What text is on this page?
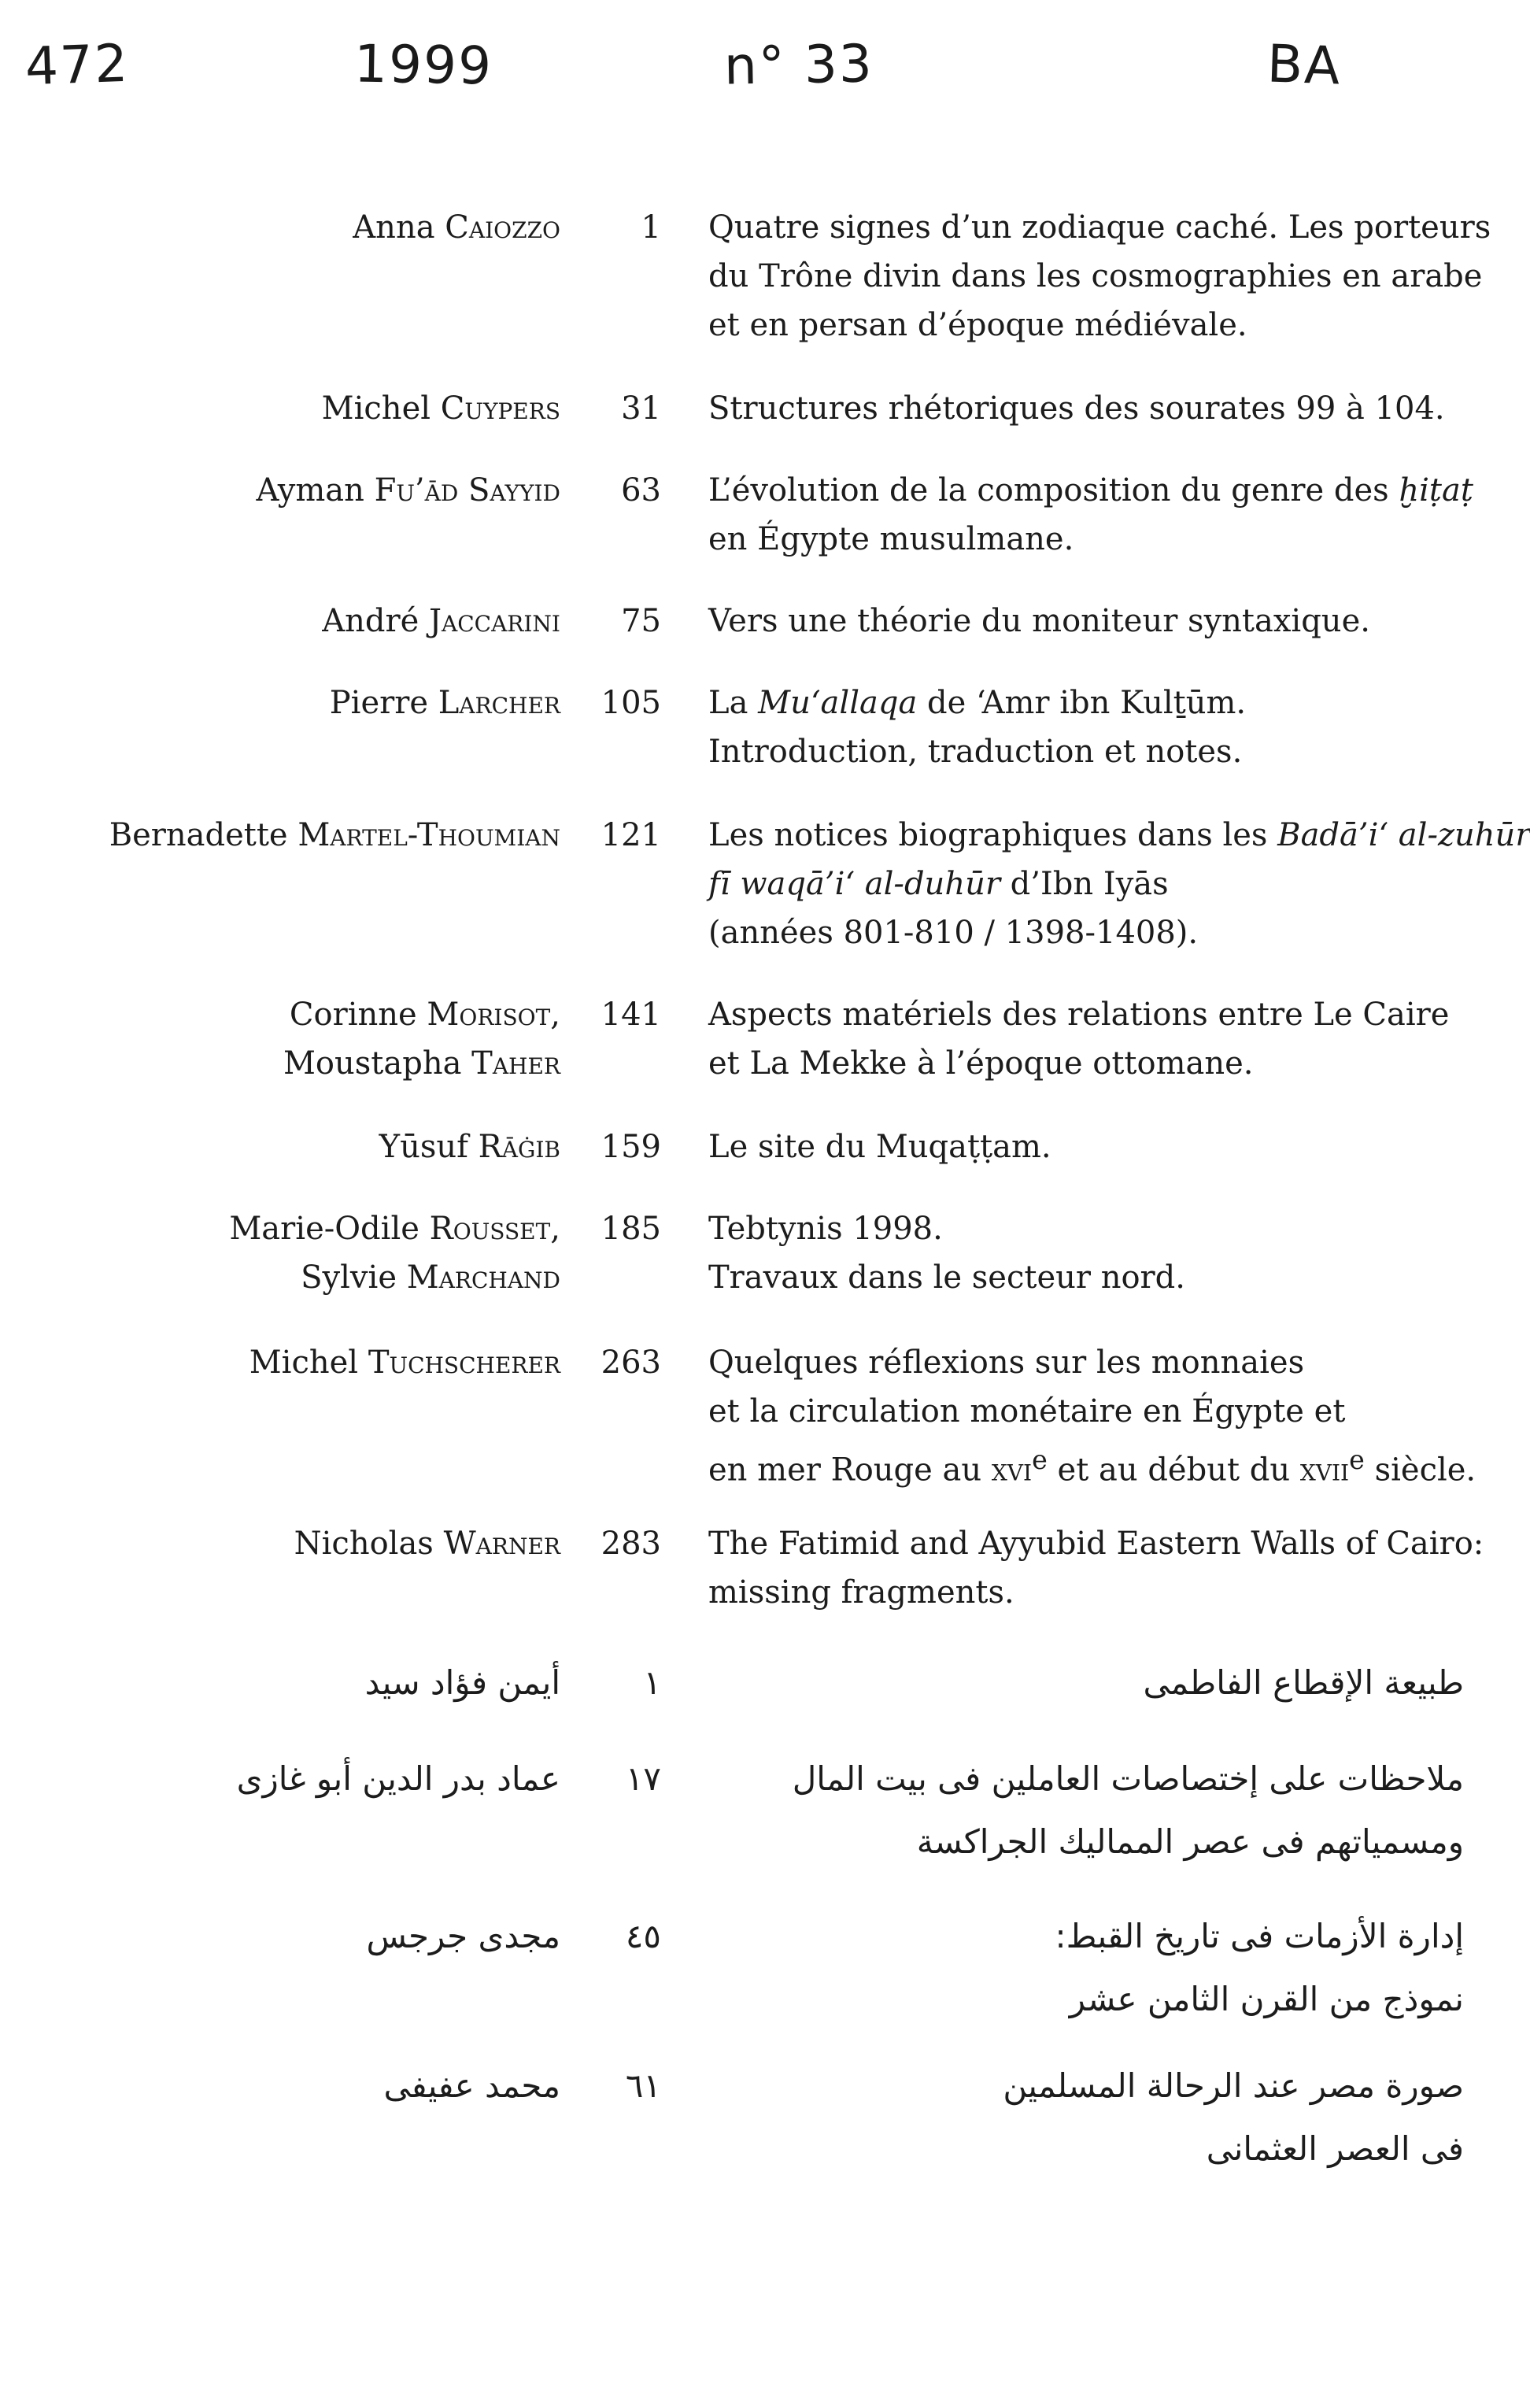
472	1999	n° 33	BA
Anna Caiozzo	1 Quatre signes d’un zodiaque caché. Les porteurs
du Trône divin dans les cosmographies en arabe
et en persan d’époque médiévale.
Michel Cuypers	31 Structures rhétoriques des sourates 99 à 104.
Ayman Fu’ād Sayyid	63 L’évolution de la composition du genre des ḫiṭaṭ
en Égypte musulmane.
André Jaccarini	75 Vers une théorie du moniteur syntaxique.
Pierre Larcher 105 La Mu‘allaqa de ‘Amr ibn Kulṯūm.
Introduction, traduction et notes.
Bernadette Martel-Thoumian 121 Les notices biographiques dans les Badā’i‘ al-zuhūr
fī waqā’i‘ al-duhūr d’Ibn Iyās
(années 801-810 / 1398-1408).
Corinne Morisot,
Moustapha Taher
141 Aspects matériels des relations entre Le Caire
et La Mekke à l’époque ottomane.
Yūsuf Rāġib 159 Le site du Muqaṭṭam.
Marie-Odile Rousset,
Sylvie Marchand
185 Tebtynis 1998.
Travaux dans le secteur nord.
Michel Tuchscherer 263 Quelques réflexions sur les monnaies
et la circulation monétaire en Égypte et
en mer Rouge au xvi$^e$ et au début du xvii$^e$ siècle.
Nicholas Warner 283 The Fatimid and Ayyubid Eastern Walls of Cairo:
missing fragments.
أيمن فؤاد سيد	١	طبيعة الإقطاع الفاطمى
عماد بدر الدين أبو غازى	١٧	ملاحظات على إختصاصات العاملين فى بيت المال
ومسمياتهم فى عصر المماليك الجراكسة
مجدى جرجس	٤٥	إدارة الأزمات فى تاريخ القبط:
نموذج من القرن الثامن عشر
محمد عفيفى	٦١	صورة مصر عند الرحالة المسلمين
فى العصر العثمانى
